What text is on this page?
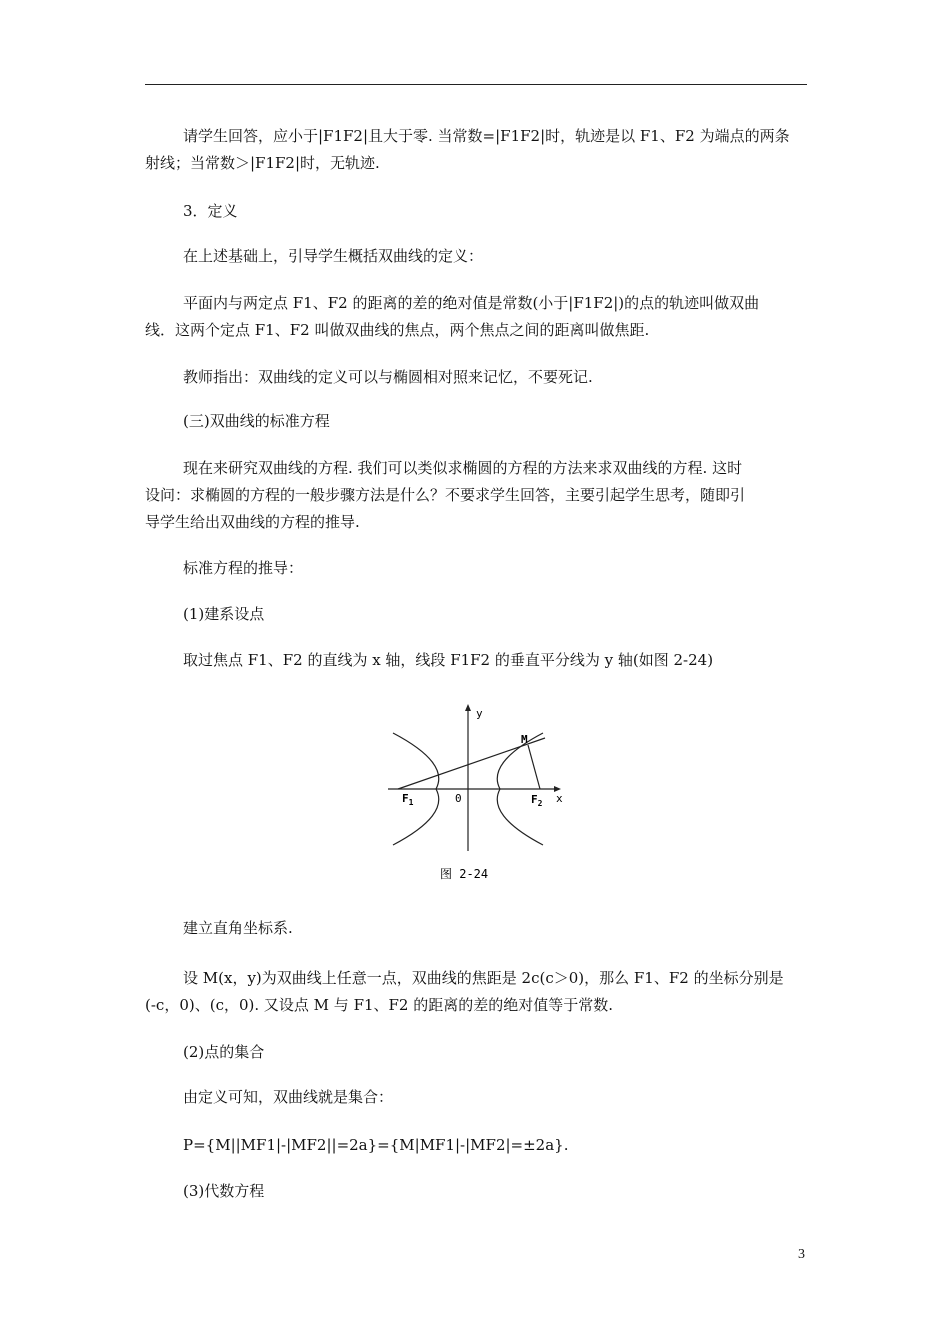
请学生回答，应小于|F1F2|且大于零. 当常数=|F1F2|时，轨迹是以 F1、F2 为端点的两条
射线；当常数＞|F1F2|时，无轨迹.

3．定义

在上述基础上，引导学生概括双曲线的定义：

平面内与两定点 F1、F2 的距离的差的绝对值是常数(小于|F1F2|)的点的轨迹叫做双曲
线．这两个定点 F1、F2 叫做双曲线的焦点，两个焦点之间的距离叫做焦距.

教师指出：双曲线的定义可以与椭圆相对照来记忆，不要死记.

(三)双曲线的标准方程

现在来研究双曲线的方程. 我们可以类似求椭圆的方程的方法来求双曲线的方程. 这时
设问：求椭圆的方程的一般步骤方法是什么？不要求学生回答，主要引起学生思考，随即引
导学生给出双曲线的方程的推导.

标准方程的推导：

(1)建系设点

取过焦点 F1、F2 的直线为 x 轴，线段 F1F2 的垂直平分线为 y 轴(如图 2-24)

y
x
0
M
$F_1$	$F_2$
图 2-24

建立直角坐标系.

设 M(x，y)为双曲线上任意一点，双曲线的焦距是 2c(c＞0)，那么 F1、F2 的坐标分别是
(-c，0)、(c，0). 又设点 M 与 F1、F2 的距离的差的绝对值等于常数.

(2)点的集合

由定义可知，双曲线就是集合：

P={M||MF1|-|MF2||=2a}={M|MF1|-|MF2|=±2a}.

(3)代数方程

3
